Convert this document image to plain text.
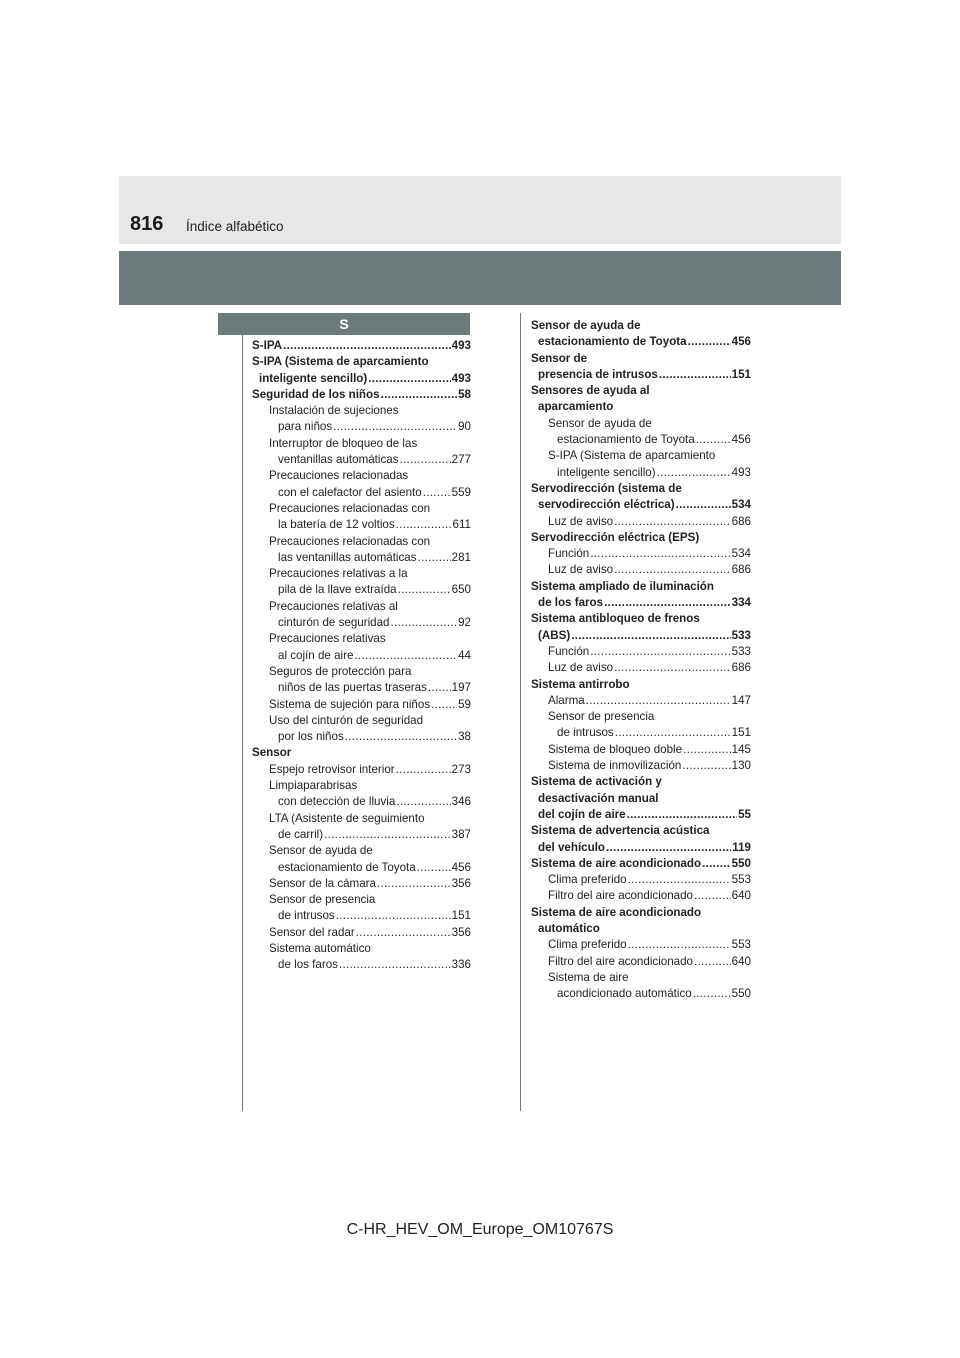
816 Índice alfabético
S
S-IPA .....	493
S-IPA (Sistema de aparcamiento
inteligente sencillo) .....	493
Seguridad de los niños .....	58
Instalación de sujeciones
para niños .....	90
Interruptor de bloqueo de las
ventanillas automáticas .....	277
Precauciones relacionadas
con el calefactor del asiento .....	559
Precauciones relacionadas con
la batería de 12 voltios .....	611
Precauciones relacionadas con
las ventanillas automáticas .....	281
Precauciones relativas a la
pila de la llave extraída .....	650
Precauciones relativas al
cinturón de seguridad .....	92
Precauciones relativas
al cojín de aire .....	44
Seguros de protección para
niños de las puertas traseras ..... 197
Sistema de sujeción para niños ..... 59
Uso del cinturón de seguridad
por los niños .....	38
Sensor
Espejo retrovisor interior .....	273
Limpiaparabrisas
con detección de lluvia .....	346
LTA (Asistente de seguimiento
de carril) .....	387
Sensor de ayuda de
estacionamiento de Toyota .....	456
Sensor de la cámara .....	356
Sensor de presencia
de intrusos .....	151
Sensor del radar .....	356
Sistema automático
de los faros .....	336
Sensor de ayuda de
estacionamiento de Toyota .....	456
Sensor de
presencia de intrusos .....	151
Sensores de ayuda al
aparcamiento
Sensor de ayuda de
estacionamiento de Toyota .....	456
S-IPA (Sistema de aparcamiento
inteligente sencillo) .....	493
Servodirección (sistema de
servodirección eléctrica) .....	534
Luz de aviso .....	686
Servodirección eléctrica (EPS)
Función .....	534
Luz de aviso .....	686
Sistema ampliado de iluminación
de los faros .....	334
Sistema antibloqueo de frenos
(ABS) .....	533
Función .....	533
Luz de aviso .....	686
Sistema antirrobo
Alarma .....	147
Sensor de presencia
de intrusos .....	151
Sistema de bloqueo doble .....	145
Sistema de inmovilización .....	130
Sistema de activación y
desactivación manual
del cojín de aire .....	55
Sistema de advertencia acústica
del vehículo .....	119
Sistema de aire acondicionado .....	550
Clima preferido .....	553
Filtro del aire acondicionado .....	640
Sistema de aire acondicionado
automático
Clima preferido .....	553
Filtro del aire acondicionado .....	640
Sistema de aire
acondicionado automático .....	550
C-HR_HEV_OM_Europe_OM10767S
